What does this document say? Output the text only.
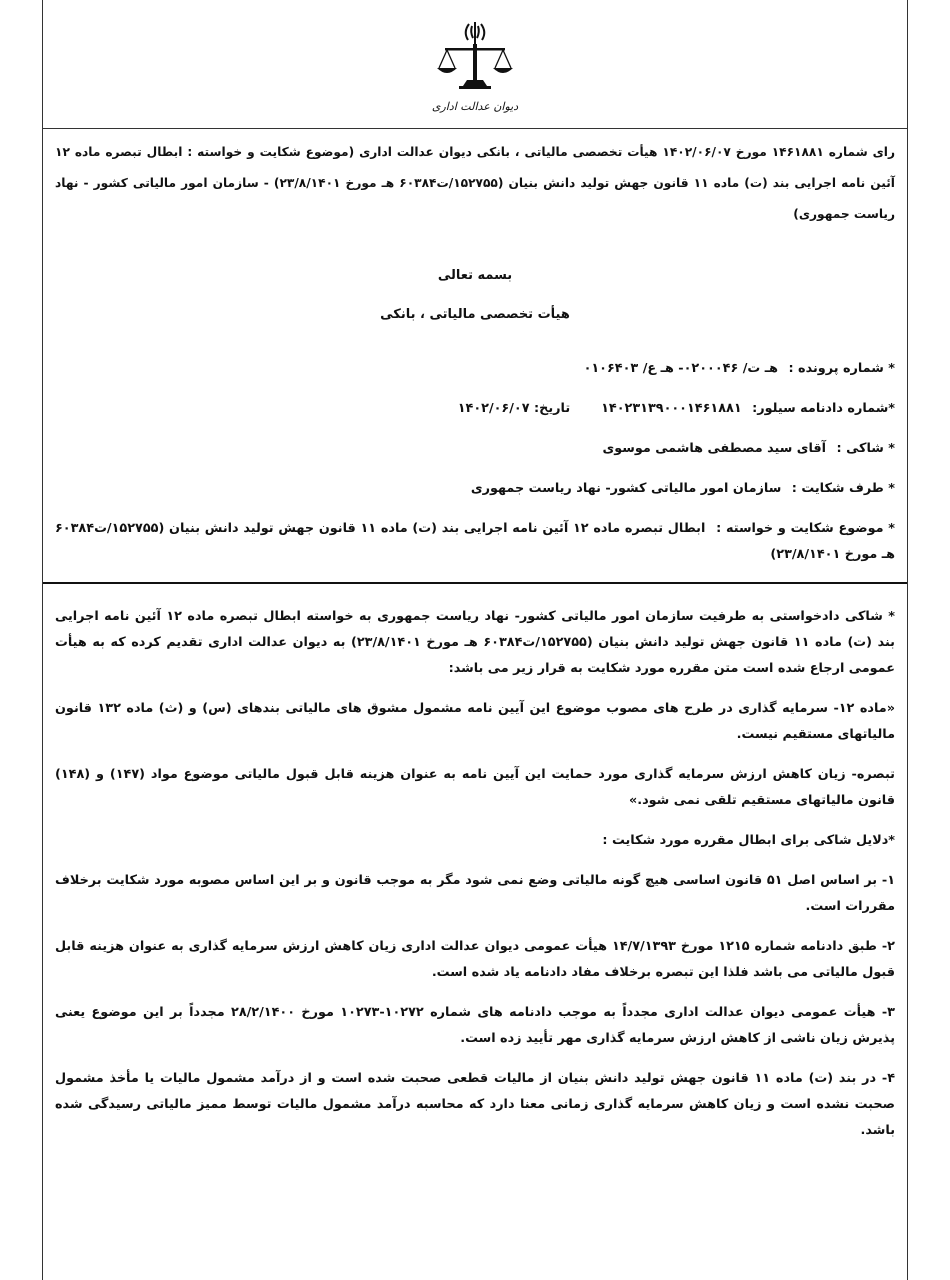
دیوان عدالت اداری

رای شماره ۱۴۶۱۸۸۱ مورخ ۱۴۰۲/۰۶/۰۷ هیأت تخصصی مالیاتی ، بانکی دیوان عدالت اداری (موضوع شکایت و خواسته : ابطال تبصره ماده ۱۲ آئین نامه اجرایی بند (ت) ماده ۱۱ قانون جهش تولید دانش بنیان (۱۵۲۷۵۵/ت۶۰۳۸۴ هـ مورخ ۲۳/۸/۱۴۰۱) - سازمان امور مالیاتی کشور - نهاد ریاست جمهوری)

بسمه تعالی

هیأت تخصصی مالیاتی ، بانکی

* شماره پرونده : هـ ت/ ۰۲۰۰۰۴۶- هـ ع/ ۰۱۰۶۴۰۳

*شماره دادنامه سیلور: ۱۴۰۲۳۱۳۹۰۰۰۱۴۶۱۸۸۱  تاریخ: ۱۴۰۲/۰۶/۰۷

* شاکی : آقای سید مصطفی هاشمی موسوی

* طرف شکایت : سازمان امور مالیاتی کشور- نهاد ریاست جمهوری

* موضوع شکایت و خواسته : ابطال تبصره ماده ۱۲ آئین نامه اجرایی بند (ت) ماده ۱۱ قانون جهش تولید دانش بنیان (۱۵۲۷۵۵/ت۶۰۳۸۴ هـ مورخ ۲۳/۸/۱۴۰۱)

* شاکی دادخواستی به طرفیت سازمان امور مالیاتی کشور- نهاد ریاست جمهوری به خواسته ابطال تبصره ماده ۱۲ آئین نامه اجرایی بند (ت) ماده ۱۱ قانون جهش تولید دانش بنیان (۱۵۲۷۵۵/ت۶۰۳۸۴ هـ مورخ ۲۳/۸/۱۴۰۱) به دیوان عدالت اداری تقدیم کرده که به هیأت عمومی ارجاع شده است متن مقرره مورد شکایت به قرار زیر می باشد:

«ماده ۱۲- سرمایه گذاری در طرح های مصوب موضوع این آیین نامه مشمول مشوق های مالیاتی بندهای (س) و (ث) ماده ۱۳۲ قانون مالیاتهای مستقیم نیست.

تبصره- زیان کاهش ارزش سرمایه گذاری مورد حمایت این آیین نامه به عنوان هزینه قابل قبول مالیاتی موضوع مواد (۱۴۷) و (۱۴۸) قانون مالیاتهای مستقیم تلقی نمی شود.»

*دلایل شاکی برای ابطال مقرره مورد شکایت :

۱- بر اساس اصل ۵۱ قانون اساسی هیچ گونه مالیاتی وضع نمی شود مگر به موجب قانون و بر این اساس مصوبه مورد شکایت برخلاف مقررات است.

۲- طبق دادنامه شماره ۱۲۱۵ مورخ ۱۴/۷/۱۳۹۳ هیأت عمومی دیوان عدالت اداری زیان کاهش ارزش سرمایه گذاری به عنوان هزینه قابل قبول مالیاتی می باشد فلذا این تبصره برخلاف مفاد دادنامه یاد شده است.

۳- هیأت عمومی دیوان عدالت اداری مجدداً به موجب دادنامه های شماره ۱۰۲۷۲-۱۰۲۷۳ مورخ ۲۸/۲/۱۴۰۰ مجدداً بر این موضوع یعنی پذیرش زیان ناشی از کاهش ارزش سرمایه گذاری مهر تأیید زده است.

۴- در بند (ت) ماده ۱۱ قانون جهش تولید دانش بنیان از مالیات قطعی صحبت شده است و از درآمد مشمول مالیات یا مأخذ مشمول صحبت نشده است و زیان کاهش سرمایه گذاری زمانی معنا دارد که محاسبه درآمد مشمول مالیات توسط ممیز مالیاتی رسیدگی شده باشد.
